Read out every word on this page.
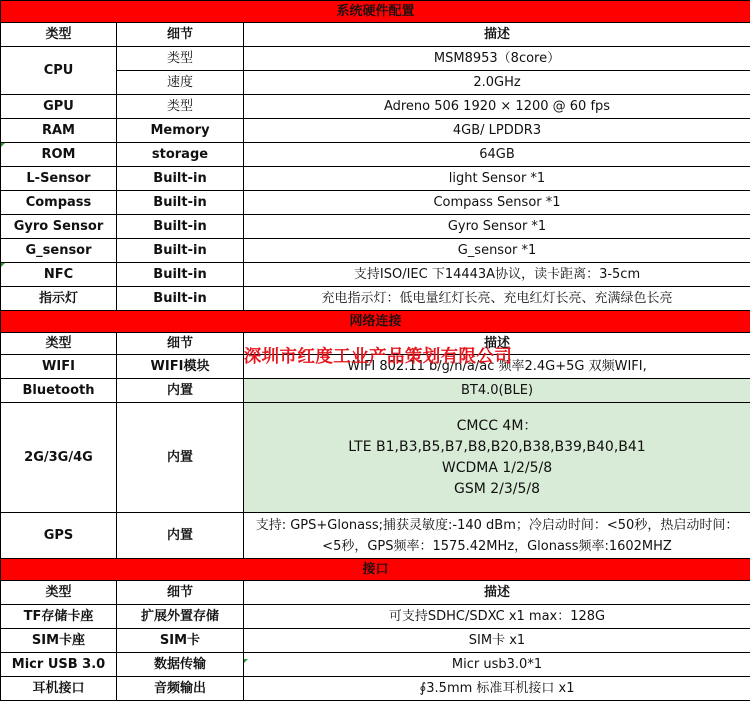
系统硬件配置		
类型	细节	描述
CPU	类型	MSM8953（8core）
	速度	2.0GHz
GPU	类型	Adreno 506 1920 × 1200 @ 60 fps
RAM	Memory	4GB/ LPDDR3
ROM	storage	64GB
L-Sensor	Built-in	light Sensor *1
Compass	Built-in	Compass Sensor *1
Gyro Sensor	Built-in	Gyro Sensor *1
G_sensor	Built-in	G_sensor *1
NFC	Built-in	支持ISO/IEC 下14443A协议，读卡距离：3-5cm
指示灯	Built-in	充电指示灯：低电量红灯长亮、充电红灯长亮、充满绿色长亮
网络连接		
类型	细节	描述
WIFI	WIFI模块	WIFI 802.11 b/g/n/a/ac 频率2.4G+5G 双频WIFI,
Bluetooth	内置	BT4.0(BLE)
2G/3G/4G	内置	CMCC 4M：
LTE B1,B3,B5,B7,B8,B20,B38,B39,B40,B41
WCDMA 1/2/5/8
GSM 2/3/5/8

GPS	内置	支持: GPS+Glonass;捕获灵敏度:-140 dBm；冷启动时间：<50秒，热启动时间：
<5秒，GPS频率：1575.42MHz，Glonass频率:1602MHZ

接口		
类型	细节	描述
TF存储卡座	扩展外置存储	可支持SDHC/SDXC x1 max：128G
SIM卡座	SIM卡	SIM卡 x1
Micr USB 3.0	数据传输	Micr usb3.0*1
耳机接口	音频输出	∮3.5mm 标准耳机接口 x1
深圳市红度工业产品策划有限公司
